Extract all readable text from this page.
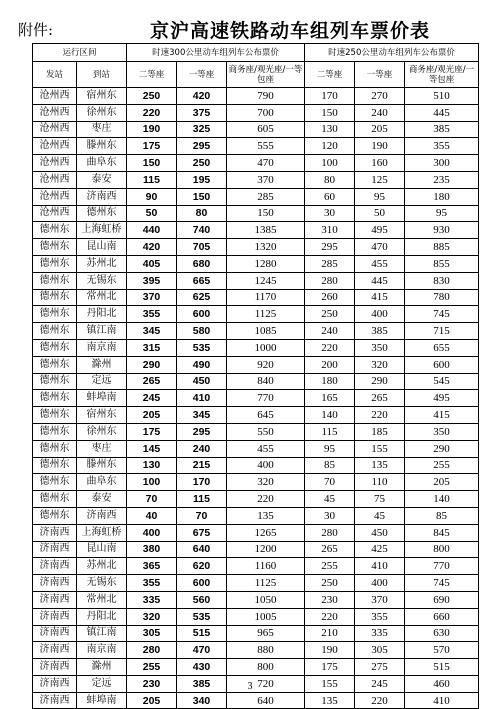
附件:	京沪高速铁路动车组列车票价表
运行区间		时速300公里动车组列车公布票价			时速250公里动车组列车公布票价		
发站	到站	二等座	一等座	商务座/观光座/一等包座	二等座	一等座	商务座/观光座/一等包座
沧州西	宿州东	250	420	790	170	270	510
沧州西	徐州东	220	375	700	150	240	445
沧州西	枣庄	190	325	605	130	205	385
沧州西	滕州东	175	295	555	120	190	355
沧州西	曲阜东	150	250	470	100	160	300
沧州西	泰安	115	195	370	80	125	235
沧州西	济南西	90	150	285	60	95	180
沧州西	德州东	50	80	150	30	50	95
德州东	上海虹桥	440	740	1385	310	495	930
德州东	昆山南	420	705	1320	295	470	885
德州东	苏州北	405	680	1280	285	455	855
德州东	无锡东	395	665	1245	280	445	830
德州东	常州北	370	625	1170	260	415	780
德州东	丹阳北	355	600	1125	250	400	745
德州东	镇江南	345	580	1085	240	385	715
德州东	南京南	315	535	1000	220	350	655
德州东	滁州	290	490	920	200	320	600
德州东	定远	265	450	840	180	290	545
德州东	蚌埠南	245	410	770	165	265	495
德州东	宿州东	205	345	645	140	220	415
德州东	徐州东	175	295	550	115	185	350
德州东	枣庄	145	240	455	95	155	290
德州东	滕州东	130	215	400	85	135	255
德州东	曲阜东	100	170	320	70	110	205
德州东	泰安	70	115	220	45	75	140
德州东	济南西	40	70	135	30	45	85
济南西	上海虹桥	400	675	1265	280	450	845
济南西	昆山南	380	640	1200	265	425	800
济南西	苏州北	365	620	1160	255	410	770
济南西	无锡东	355	600	1125	250	400	745
济南西	常州北	335	560	1050	230	370	690
济南西	丹阳北	320	535	1005	220	355	660
济南西	镇江南	305	515	965	210	335	630
济南西	南京南	280	470	880	190	305	570
济南西	滁州	255	430	800	175	275	515
济南西	定远	230	385	720	155	245	460
济南西	蚌埠南	205	340	640	135	220	410
3
